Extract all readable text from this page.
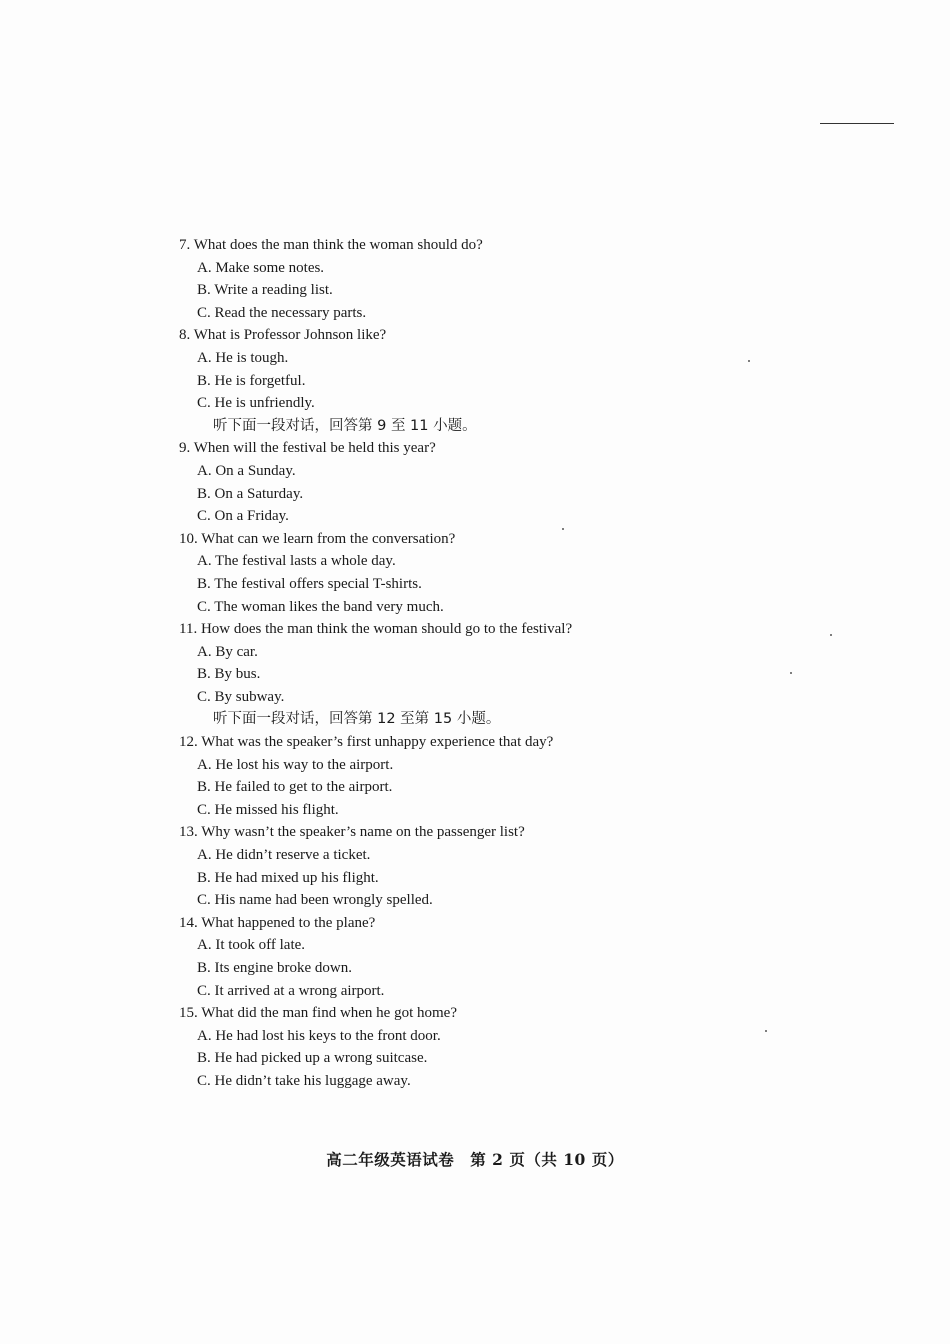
7. What does the man think the woman should do?
A. Make some notes.
B. Write a reading list.
C. Read the necessary parts.
8. What is Professor Johnson like?
A. He is tough.
B. He is forgetful.
C. He is unfriendly.
听下面一段对话，回答第 9 至 11 小题。
9. When will the festival be held this year?
A. On a Sunday.
B. On a Saturday.
C. On a Friday.
10. What can we learn from the conversation?
A. The festival lasts a whole day.
B. The festival offers special T-shirts.
C. The woman likes the band very much.
11. How does the man think the woman should go to the festival?
A. By car.
B. By bus.
C. By subway.
听下面一段对话，回答第 12 至第 15 小题。
12. What was the speaker’s first unhappy experience that day?
A. He lost his way to the airport.
B. He failed to get to the airport.
C. He missed his flight.
13. Why wasn’t the speaker’s name on the passenger list?
A. He didn’t reserve a ticket.
B. He had mixed up his flight.
C. His name had been wrongly spelled.
14. What happened to the plane?
A. It took off late.
B. Its engine broke down.
C. It arrived at a wrong airport.
15. What did the man find when he got home?
A. He had lost his keys to the front door.
B. He had picked up a wrong suitcase.
C. He didn’t take his luggage away.
高二年级英语试卷　第 2 页（共 10 页）
